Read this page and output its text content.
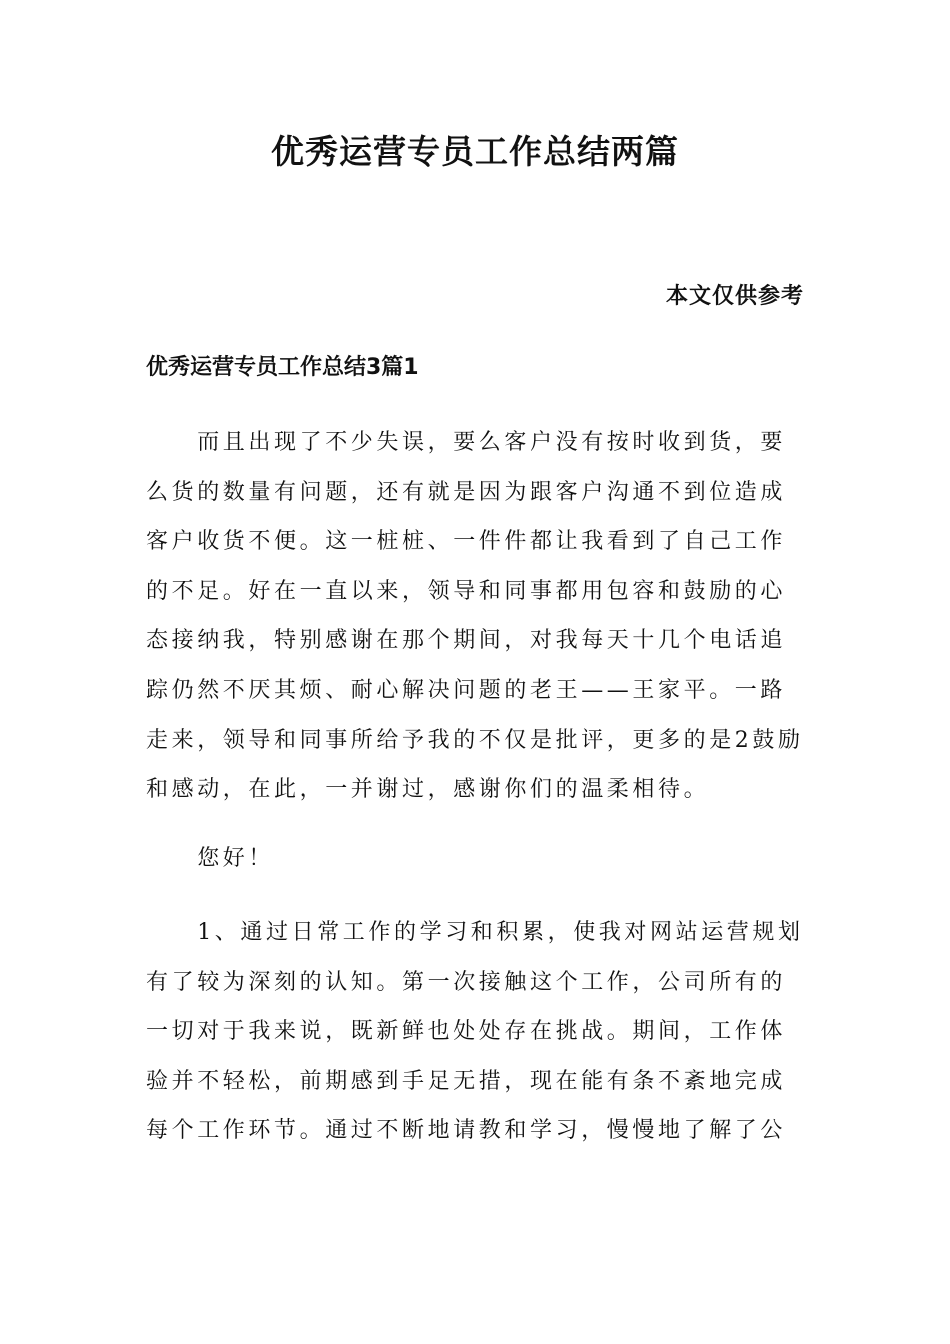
优秀运营专员工作总结两篇
本文仅供参考
优秀运营专员工作总结3篇1

　　而且出现了不少失误，要么客户没有按时收到货，要
么货的数量有问题，还有就是因为跟客户沟通不到位造成
客户收货不便。这一桩桩、一件件都让我看到了自己工作
的不足。好在一直以来，领导和同事都用包容和鼓励的心
态接纳我，特别感谢在那个期间，对我每天十几个电话追
踪仍然不厌其烦、耐心解决问题的老王——王家平。一路
走来，领导和同事所给予我的不仅是批评，更多的是2鼓励
和感动，在此，一并谢过，感谢你们的温柔相待。

　　您好！

　　1、通过日常工作的学习和积累，使我对网站运营规划
有了较为深刻的认知。第一次接触这个工作，公司所有的
一切对于我来说，既新鲜也处处存在挑战。期间，工作体
验并不轻松，前期感到手足无措，现在能有条不紊地完成
每个工作环节。通过不断地请教和学习，慢慢地了解了公
